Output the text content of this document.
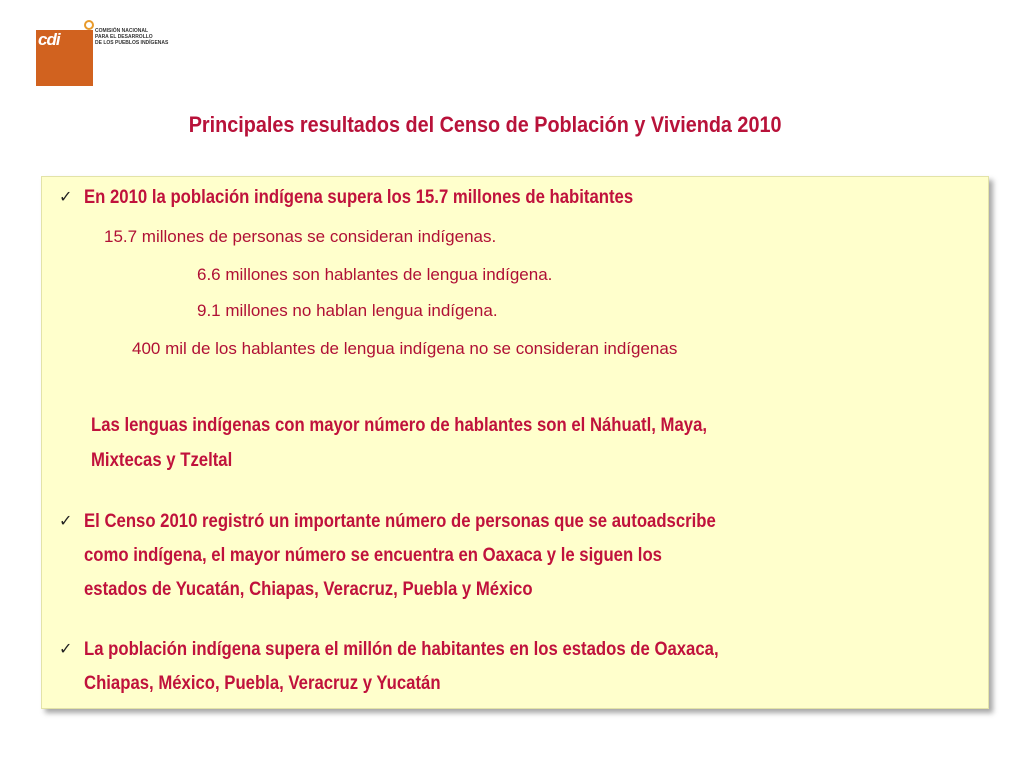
cdi	COMISIÓN NACIONAL
PARA EL DESARROLLO
DE LOS PUEBLOS INDÍGENAS
Principales resultados del Censo de Población y Vivienda 2010
✓ En 2010 la población indígena supera los 15.7 millones de habitantes
15.7 millones de personas se consideran indígenas.
6.6 millones son hablantes de lengua indígena.
9.1 millones no hablan lengua indígena.
400 mil de los hablantes de lengua indígena no se consideran indígenas
Las lenguas indígenas con mayor número de hablantes son el Náhuatl, Maya,
Mixtecas y Tzeltal
✓ El Censo 2010 registró un importante número de personas que se autoadscribe
como indígena, el mayor número se encuentra en Oaxaca y le siguen los
estados de Yucatán, Chiapas, Veracruz, Puebla y México
✓ La población indígena supera el millón de habitantes en los estados de Oaxaca,
Chiapas, México, Puebla, Veracruz y Yucatán
